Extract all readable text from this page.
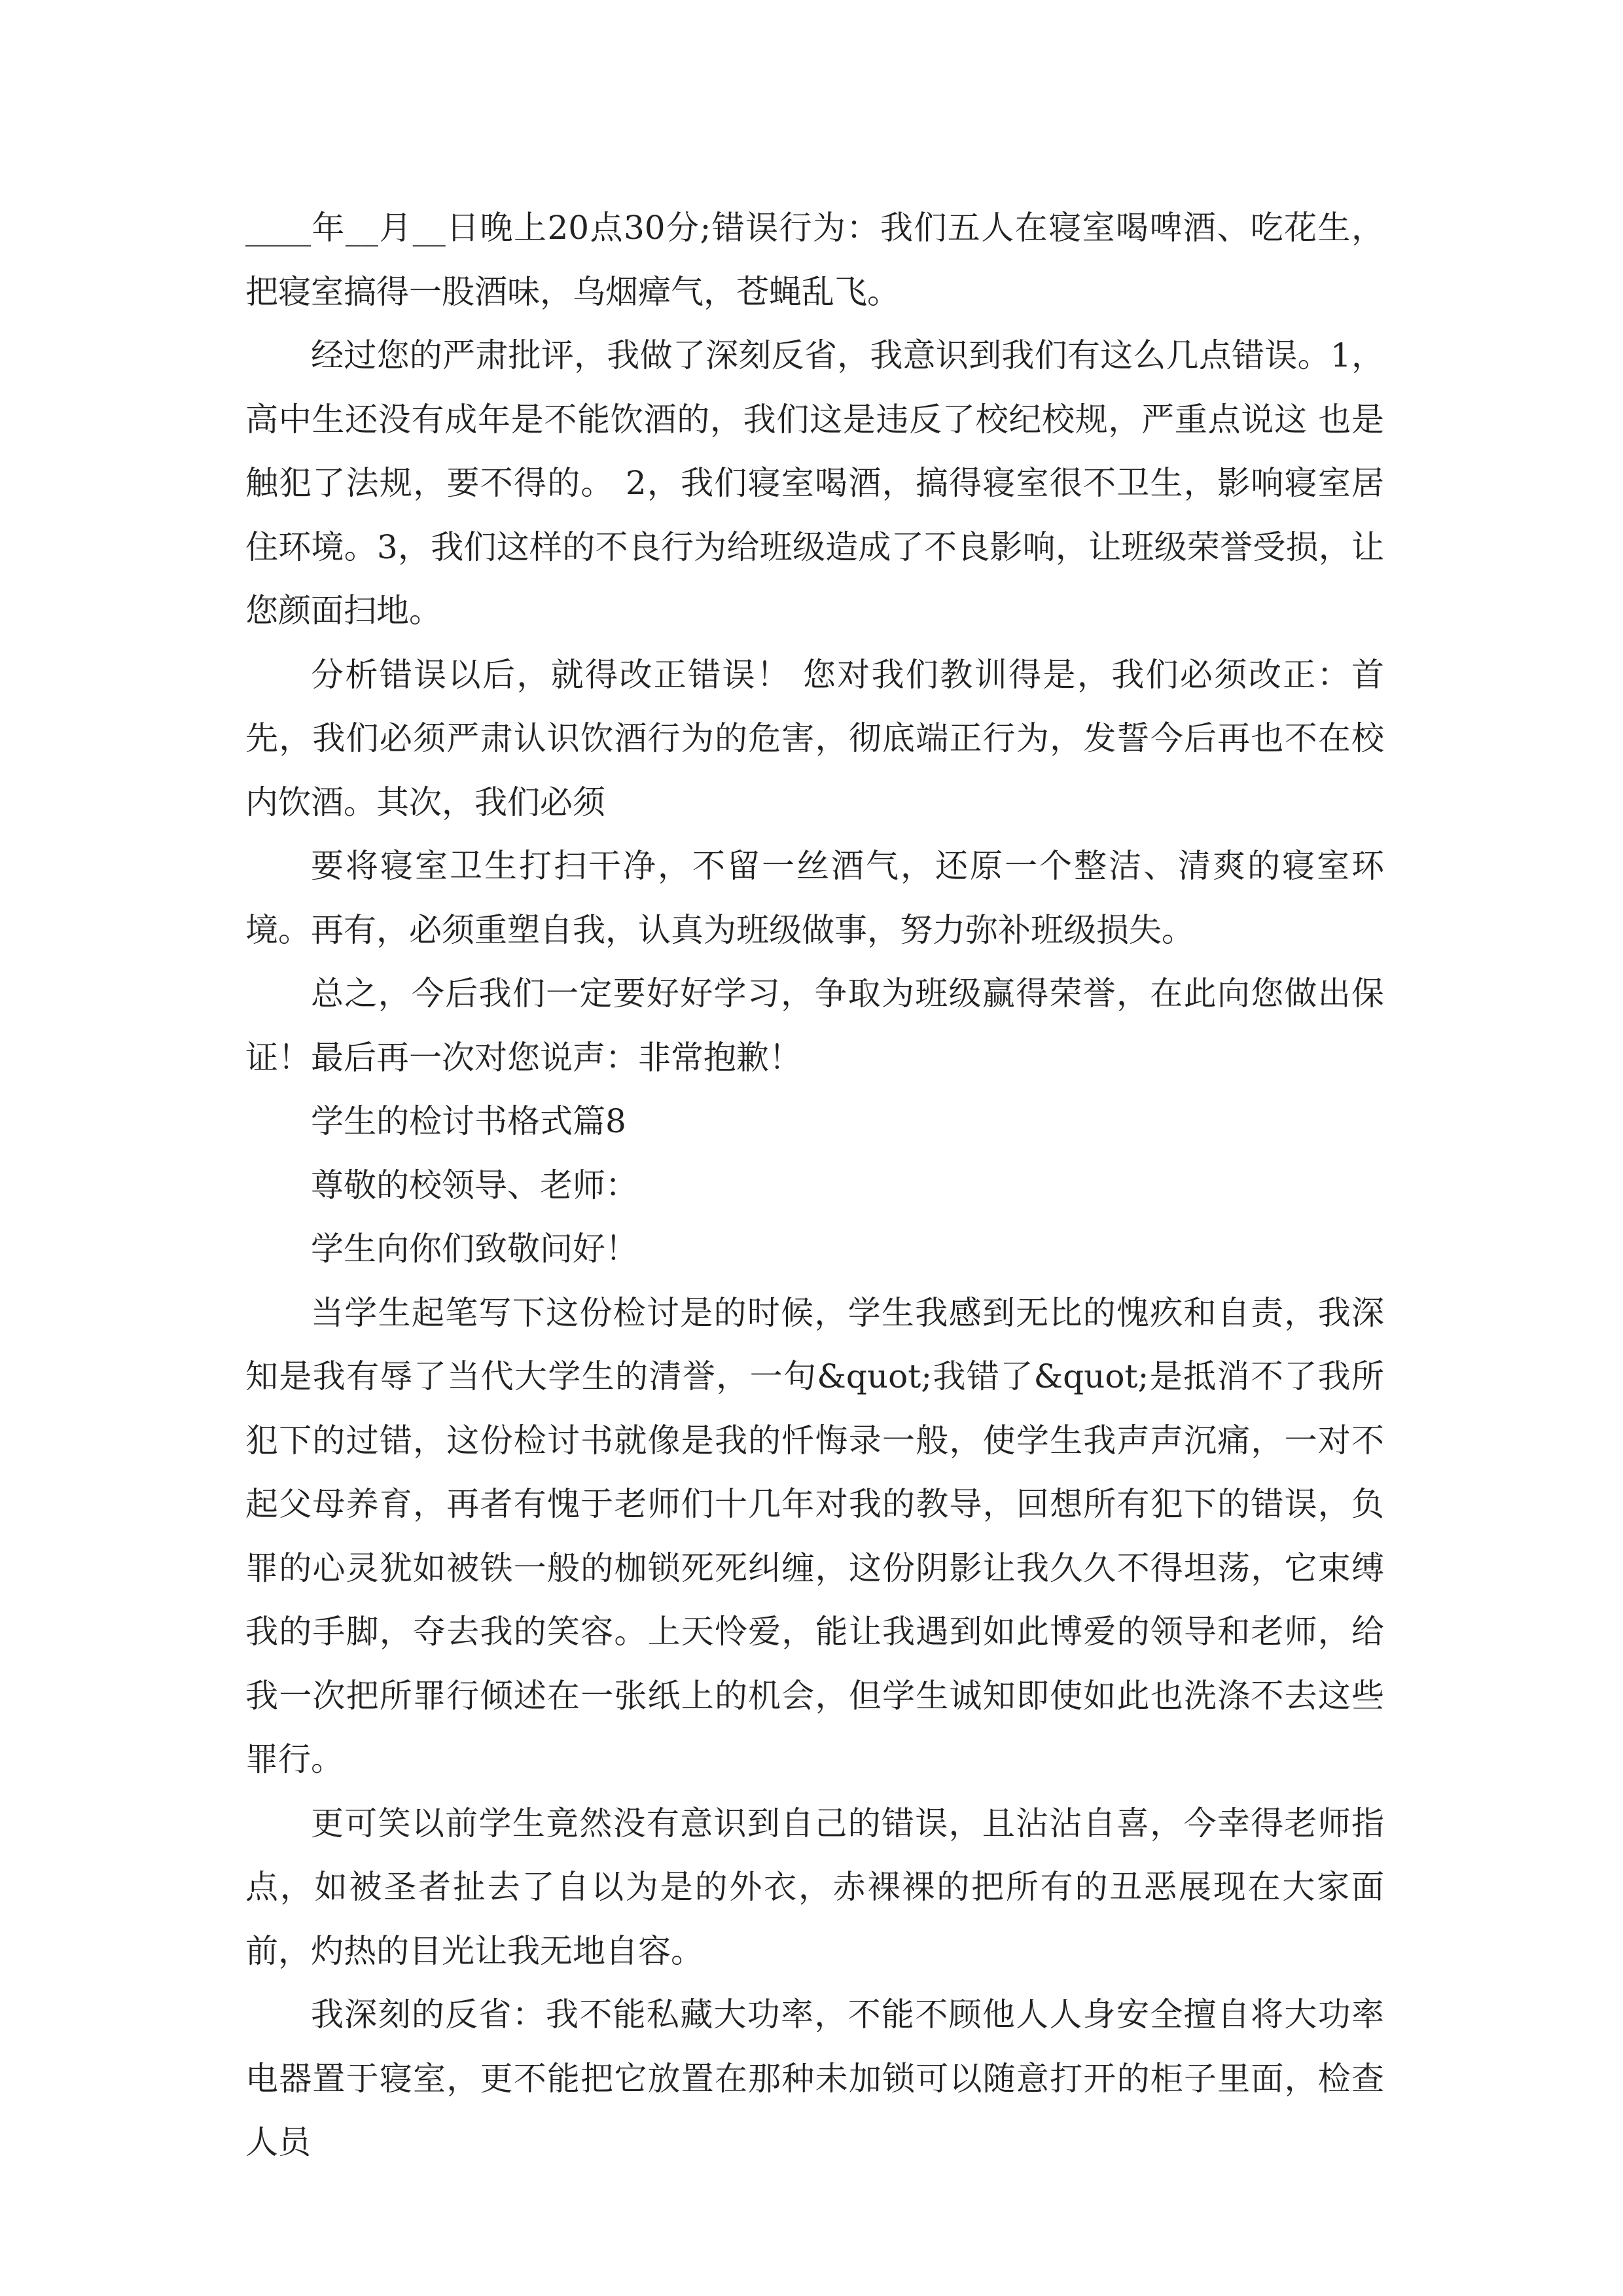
____年__月__日晚上20点30分;错误行为：我们五人在寝室喝啤酒、吃花生，把寝室搞得一股酒味，乌烟瘴气，苍蝇乱飞。

经过您的严肃批评，我做了深刻反省，我意识到我们有这么几点错误。1，高中生还没有成年是不能饮酒的，我们这是违反了校纪校规，严重点说这 也是触犯了法规，要不得的。 2，我们寝室喝酒，搞得寝室很不卫生，影响寝室居住环境。3，我们这样的不良行为给班级造成了不良影响，让班级荣誉受损，让您颜面扫地。

分析错误以后，就得改正错误！ 您对我们教训得是，我们必须改正：首先，我们必须严肃认识饮酒行为的危害，彻底端正行为，发誓今后再也不在校内饮酒。其次，我们必须

要将寝室卫生打扫干净，不留一丝酒气，还原一个整洁、清爽的寝室环境。再有，必须重塑自我，认真为班级做事，努力弥补班级损失。

总之，今后我们一定要好好学习，争取为班级赢得荣誉，在此向您做出保证！最后再一次对您说声：非常抱歉！

学生的检讨书格式篇8

尊敬的校领导、老师：

学生向你们致敬问好！

当学生起笔写下这份检讨是的时候，学生我感到无比的愧疚和自责，我深知是我有辱了当代大学生的清誉，一句&quot;我错了&quot;是抵消不了我所犯下的过错，这份检讨书就像是我的忏悔录一般，使学生我声声沉痛，一对不起父母养育，再者有愧于老师们十几年对我的教导，回想所有犯下的错误，负罪的心灵犹如被铁一般的枷锁死死纠缠，这份阴影让我久久不得坦荡，它束缚我的手脚，夺去我的笑容。上天怜爱，能让我遇到如此博爱的领导和老师，给我一次把所罪行倾述在一张纸上的机会，但学生诚知即使如此也洗涤不去这些罪行。

更可笑以前学生竟然没有意识到自己的错误，且沾沾自喜，今幸得老师指点，如被圣者扯去了自以为是的外衣，赤裸裸的把所有的丑恶展现在大家面前，灼热的目光让我无地自容。

我深刻的反省：我不能私藏大功率，不能不顾他人人身安全擅自将大功率电器置于寝室，更不能把它放置在那种未加锁可以随意打开的柜子里面，检查人员
